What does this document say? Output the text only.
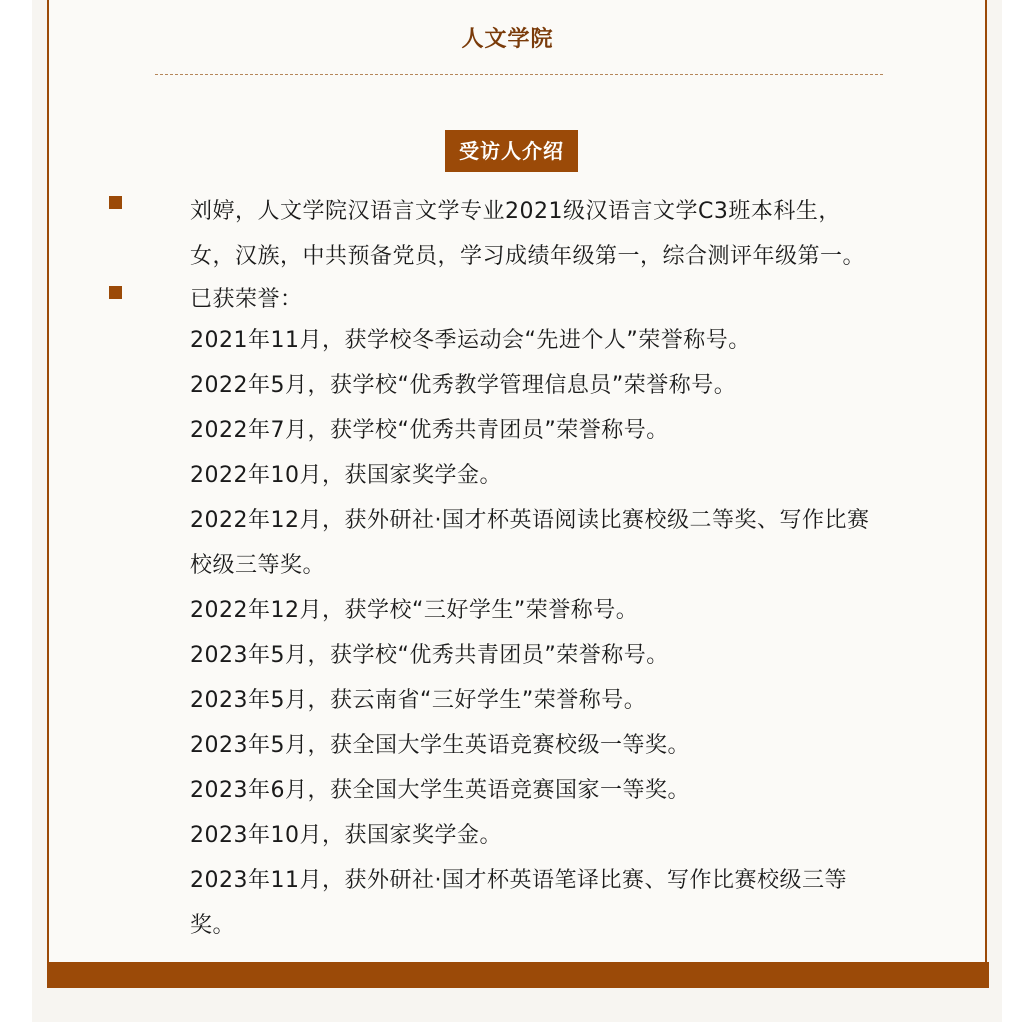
人文学院
受访人介绍
刘婷，人文学院汉语言文学专业2021级汉语言文学C3班本科生，
女，汉族，中共预备党员，学习成绩年级第一，综合测评年级第一。
已获荣誉：
2021年11月，获学校冬季运动会“先进个人”荣誉称号。
2022年5月，获学校“优秀教学管理信息员”荣誉称号。
2022年7月，获学校“优秀共青团员”荣誉称号。
2022年10月，获国家奖学金。
2022年12月，获外研社·国才杯英语阅读比赛校级二等奖、写作比赛
校级三等奖。
2022年12月，获学校“三好学生”荣誉称号。
2023年5月，获学校“优秀共青团员”荣誉称号。
2023年5月，获云南省“三好学生”荣誉称号。
2023年5月，获全国大学生英语竞赛校级一等奖。
2023年6月，获全国大学生英语竞赛国家一等奖。
2023年10月，获国家奖学金。
2023年11月，获外研社·国才杯英语笔译比赛、写作比赛校级三等
奖。
